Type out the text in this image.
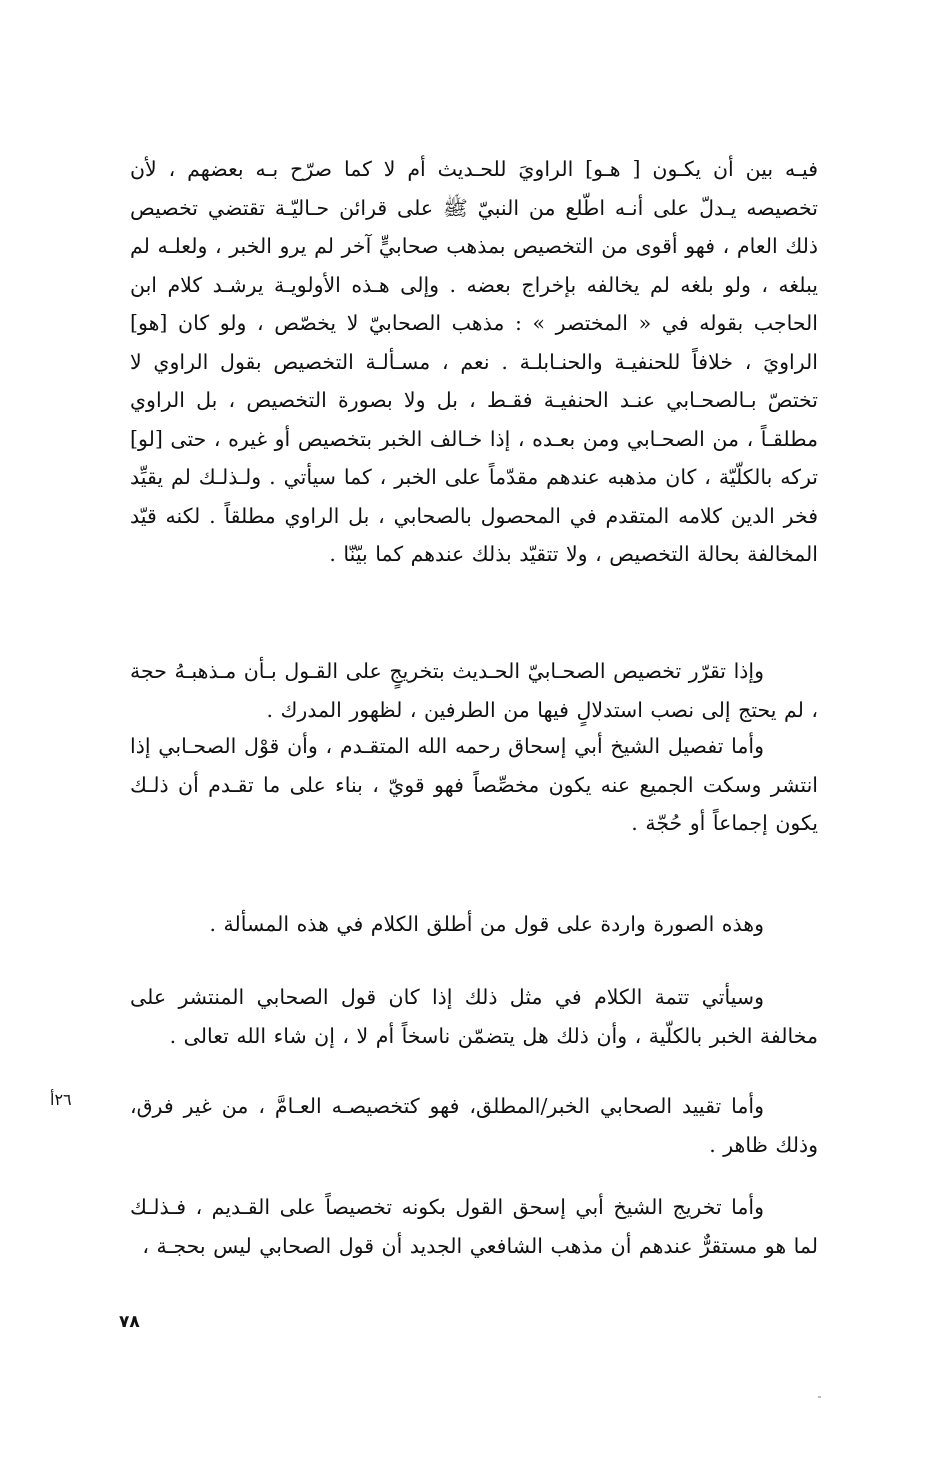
فيـه بين أن يكـون [ هـو] الراويَ للحـديث أم لا كما صرّح بـه بعضهم ، لأن تخصيصه يـدلّ على أنـه اطّلع من النبيّ ﷺ على قرائن حـاليّـة تقتضي تخصيص ذلك العام ، فهو أقوى من التخصيص بمذهب صحابيٍّ آخر لم يرو الخبر ، ولعلـه لم يبلغه ، ولو بلغه لم يخالفه بإخراج بعضه . وإلى هـذه الأولويـة يرشـد كلام ابن الحاجب بقوله في « المختصر » : مذهب الصحابيّ لا يخصّص ، ولو كان [هو] الراويَ ، خلافاً للحنفيـة والحنـابلـة . نعم ، مسـألـة التخصيص بقول الراوي لا تختصّ بـالصحـابي عنـد الحنفيـة فقـط ، بل ولا بصورة التخصيص ، بل الراوي مطلقـاً ، من الصحـابي ومن بعـده ، إذا خـالف الخبر بتخصيص أو غيره ، حتى [لو] تركه بالكلّيّة ، كان مذهبه عندهم مقدّماً على الخبر ، كما سيأتي . ولـذلـك لم يقيِّد فخر الدين كلامه المتقدم في المحصول بالصحابي ، بل الراوي مطلقاً . لكنه قيّد المخالفة بحالة التخصيص ، ولا تتقيّد بذلك عندهم كما بيّنّا .

وإذا تقرّر تخصيص الصحـابيّ الحـديث بتخريجٍ على القـول بـأن مـذهبـهُ حجة ، لم يحتج إلى نصب استدلالٍ فيها من الطرفين ، لظهور المدرك .

وأما تفصيل الشيخ أبي إسحاق رحمه الله المتقـدم ، وأن قوْل الصحـابي إذا انتشر وسكت الجميع عنه يكون مخصِّصاً فهو قويّ ، بناء على ما تقـدم أن ذلـك يكون إجماعاً أو حُجّة .

وهذه الصورة واردة على قول من أطلق الكلام في هذه المسألة .

وسيأتي تتمة الكلام في مثل ذلك إذا كان قول الصحابي المنتشر على مخالفة الخبر بالكلّية ، وأن ذلك هل يتضمّن ناسخاً أم لا ، إن شاء الله تعالى .

وأما تقييد الصحابي الخبر/المطلق، فهو كتخصيصـه العـامَّ ، من غير فرق، وذلك ظاهر .

٢٦أ

وأما تخريج الشيخ أبي إسحق القول بكونه تخصيصاً على القـديم ، فـذلـك لما هو مستقرٌّ عندهم أن مذهب الشافعي الجديد أن قول الصحابي ليس بحجـة ،

٧٨
